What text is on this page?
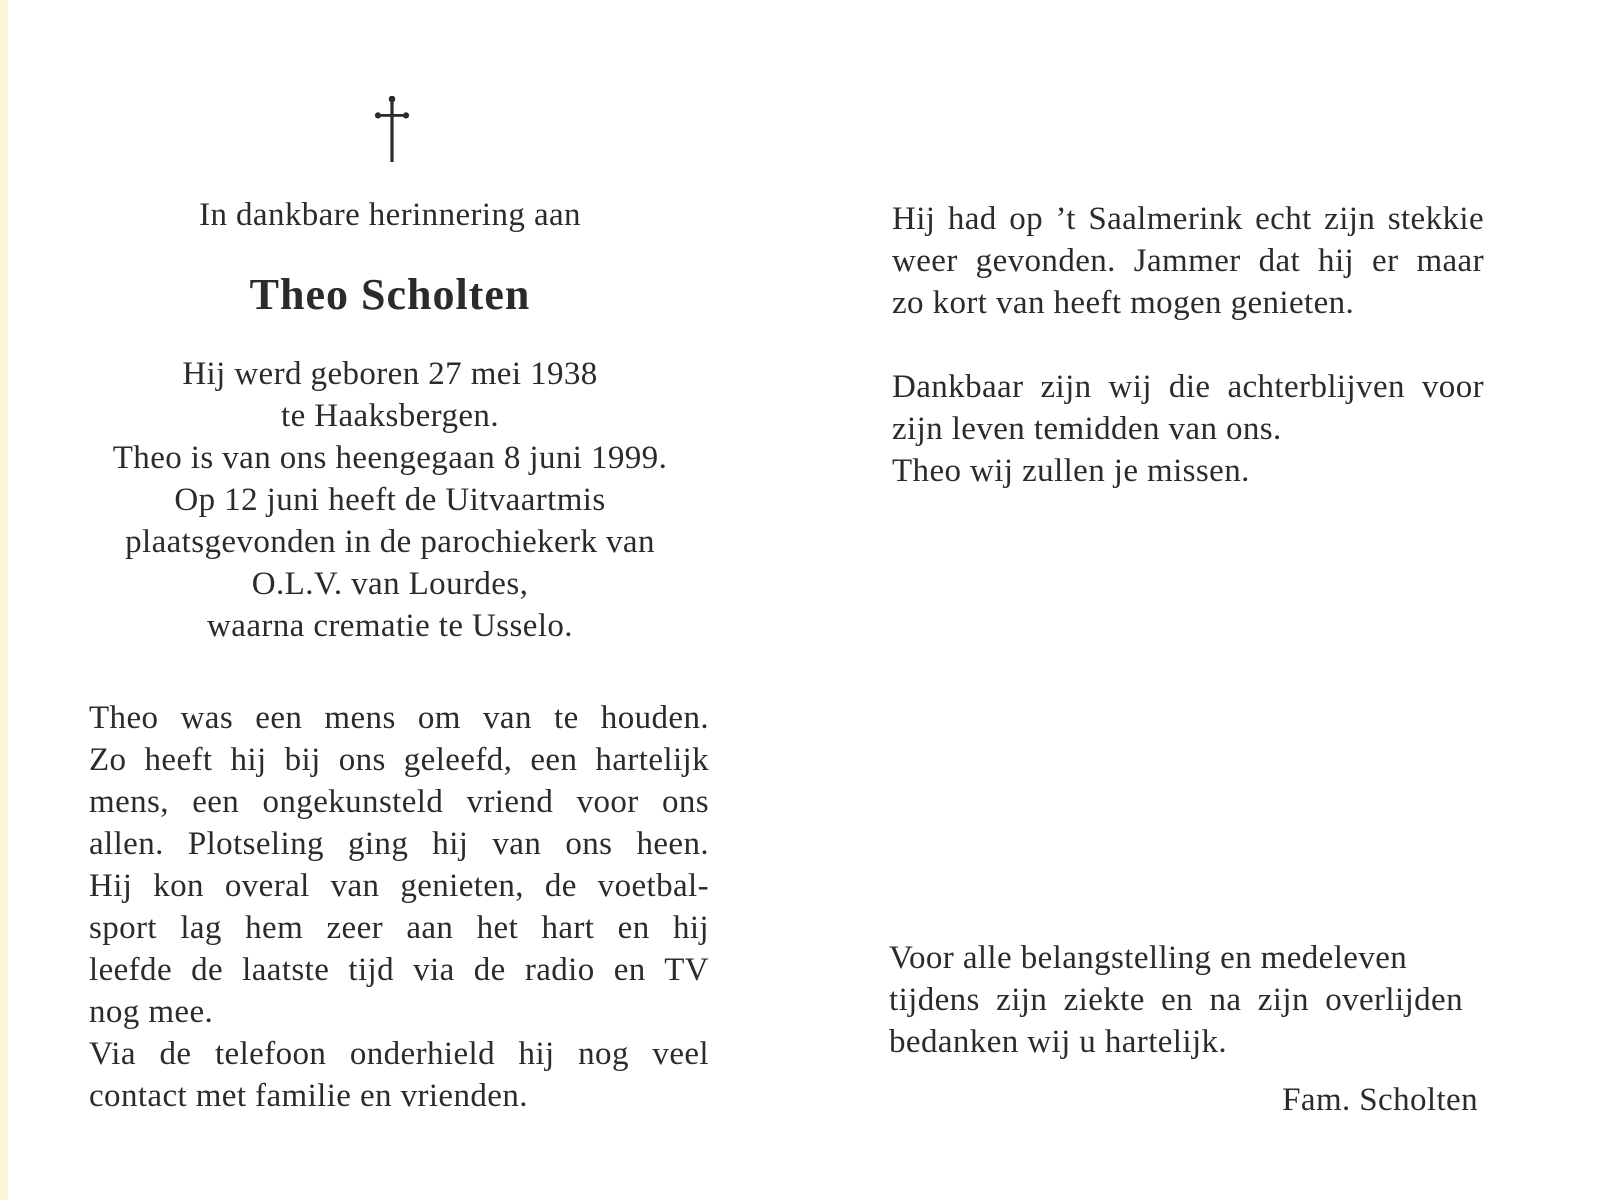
In dankbare herinnering aan
Theo Scholten
Hij werd geboren 27 mei 1938
te Haaksbergen.
Theo is van ons heengegaan 8 juni 1999.
Op 12 juni heeft de Uitvaartmis
plaatsgevonden in de parochiekerk van
O.L.V. van Lourdes,
waarna crematie te Usselo.
Theo was een mens om van te houden.
Zo heeft hij bij ons geleefd, een hartelijk
mens, een ongekunsteld vriend voor ons
allen. Plotseling ging hij van ons heen.
Hij kon overal van genieten, de voetbal-
sport lag hem zeer aan het hart en hij
leefde de laatste tijd via de radio en TV
nog mee.
Via de telefoon onderhield hij nog veel
contact met familie en vrienden.
Hij had op ’t Saalmerink echt zijn stekkie
weer gevonden. Jammer dat hij er maar
zo kort van heeft mogen genieten.
Dankbaar zijn wij die achterblijven voor
zijn leven temidden van ons.
Theo wij zullen je missen.
Voor alle belangstelling en medeleven
tijdens zijn ziekte en na zijn overlijden
bedanken wij u hartelijk.
Fam. Scholten
